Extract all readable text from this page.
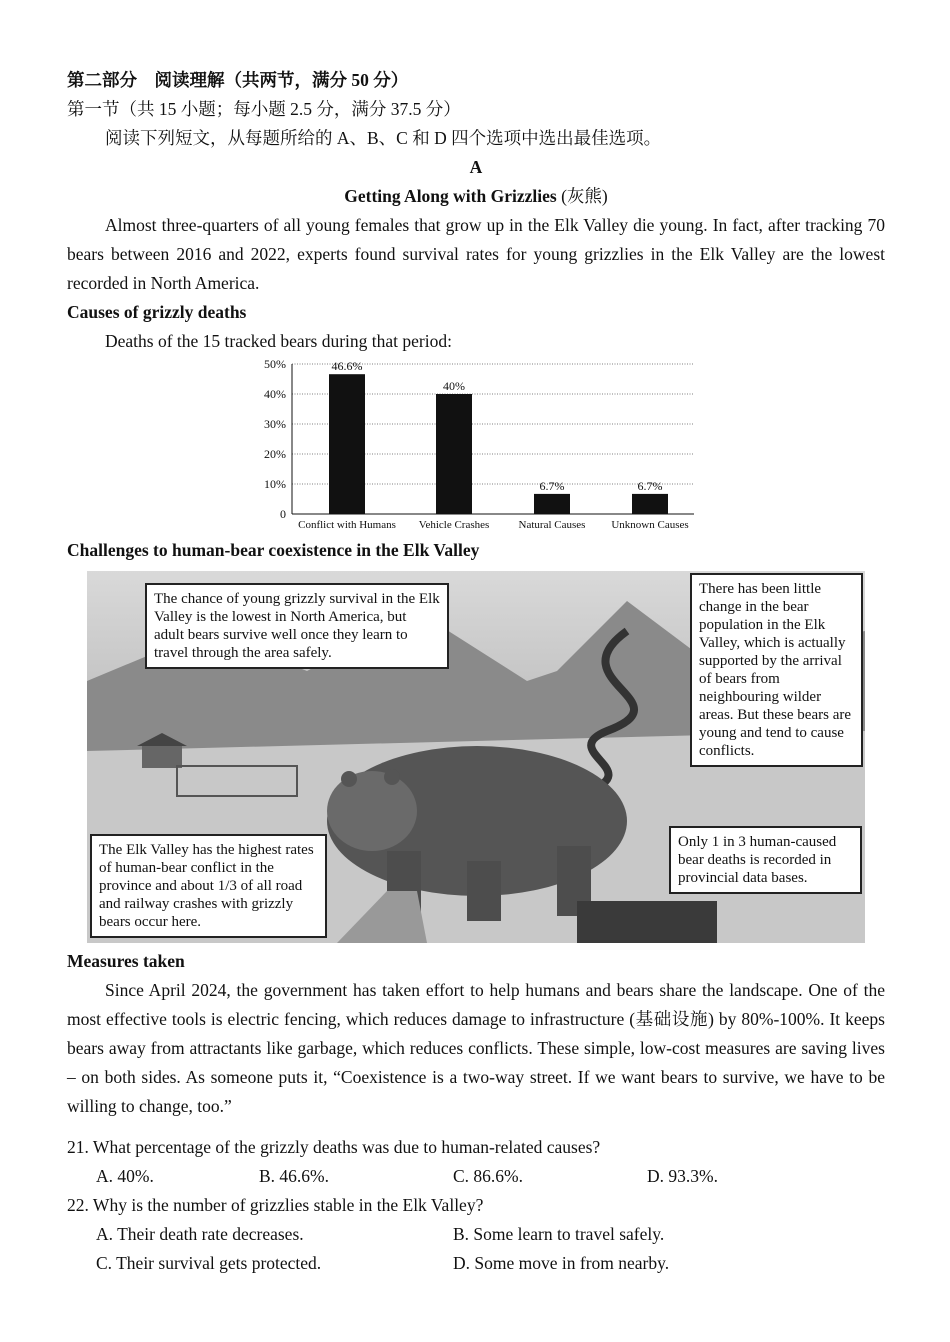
第二部分　阅读理解（共两节，满分 50 分）
第一节（共 15 小题；每小题 2.5 分，满分 37.5 分）
阅读下列短文，从每题所给的 A、B、C 和 D 四个选项中选出最佳选项。
A
Getting Along with Grizzlies (灰熊)
Almost three-quarters of all young females that grow up in the Elk Valley die young. In fact, after tracking 70 bears between 2016 and 2022, experts found survival rates for young grizzlies in the Elk Valley are the lowest recorded in North America.
Causes of grizzly deaths
Deaths of the 15 tracked bears during that period:
0
10%
20%
30%
40%
50%	46.6%
Conflict with Humans
40%
Vehicle Crashes
6.7%
Natural Causes
6.7%
Unknown Causes
Challenges to human-bear coexistence in the Elk Valley
The chance of young grizzly survival in the Elk Valley is the lowest in North America, but adult bears survive well once they learn to travel through the area safely.
There has been little change in the bear population in the Elk Valley, which is actually supported by the arrival of bears from neighbouring wilder areas. But these bears are young and tend to cause conflicts.
The Elk Valley has the highest rates of human-bear conflict in the province and about 1/3 of all road and railway crashes with grizzly bears occur here.
Only 1 in 3 human-caused bear deaths is recorded in provincial data bases.
Measures taken
Since April 2024, the government has taken effort to help humans and bears share the landscape. One of the most effective tools is electric fencing, which reduces damage to infrastructure (基础设施) by 80%-100%. It keeps bears away from attractants like garbage, which reduces conflicts. These simple, low-cost measures are saving lives – on both sides. As someone puts it, “Coexistence is a two-way street. If we want bears to survive, we have to be willing to change, too.”
21. What percentage of the grizzly deaths was due to human-related causes?
A. 40%.	B. 46.6%.	C. 86.6%.	D. 93.3%.
22. Why is the number of grizzlies stable in the Elk Valley?
A. Their death rate decreases.	B. Some learn to travel safely.
C. Their survival gets protected.	D. Some move in from nearby.
